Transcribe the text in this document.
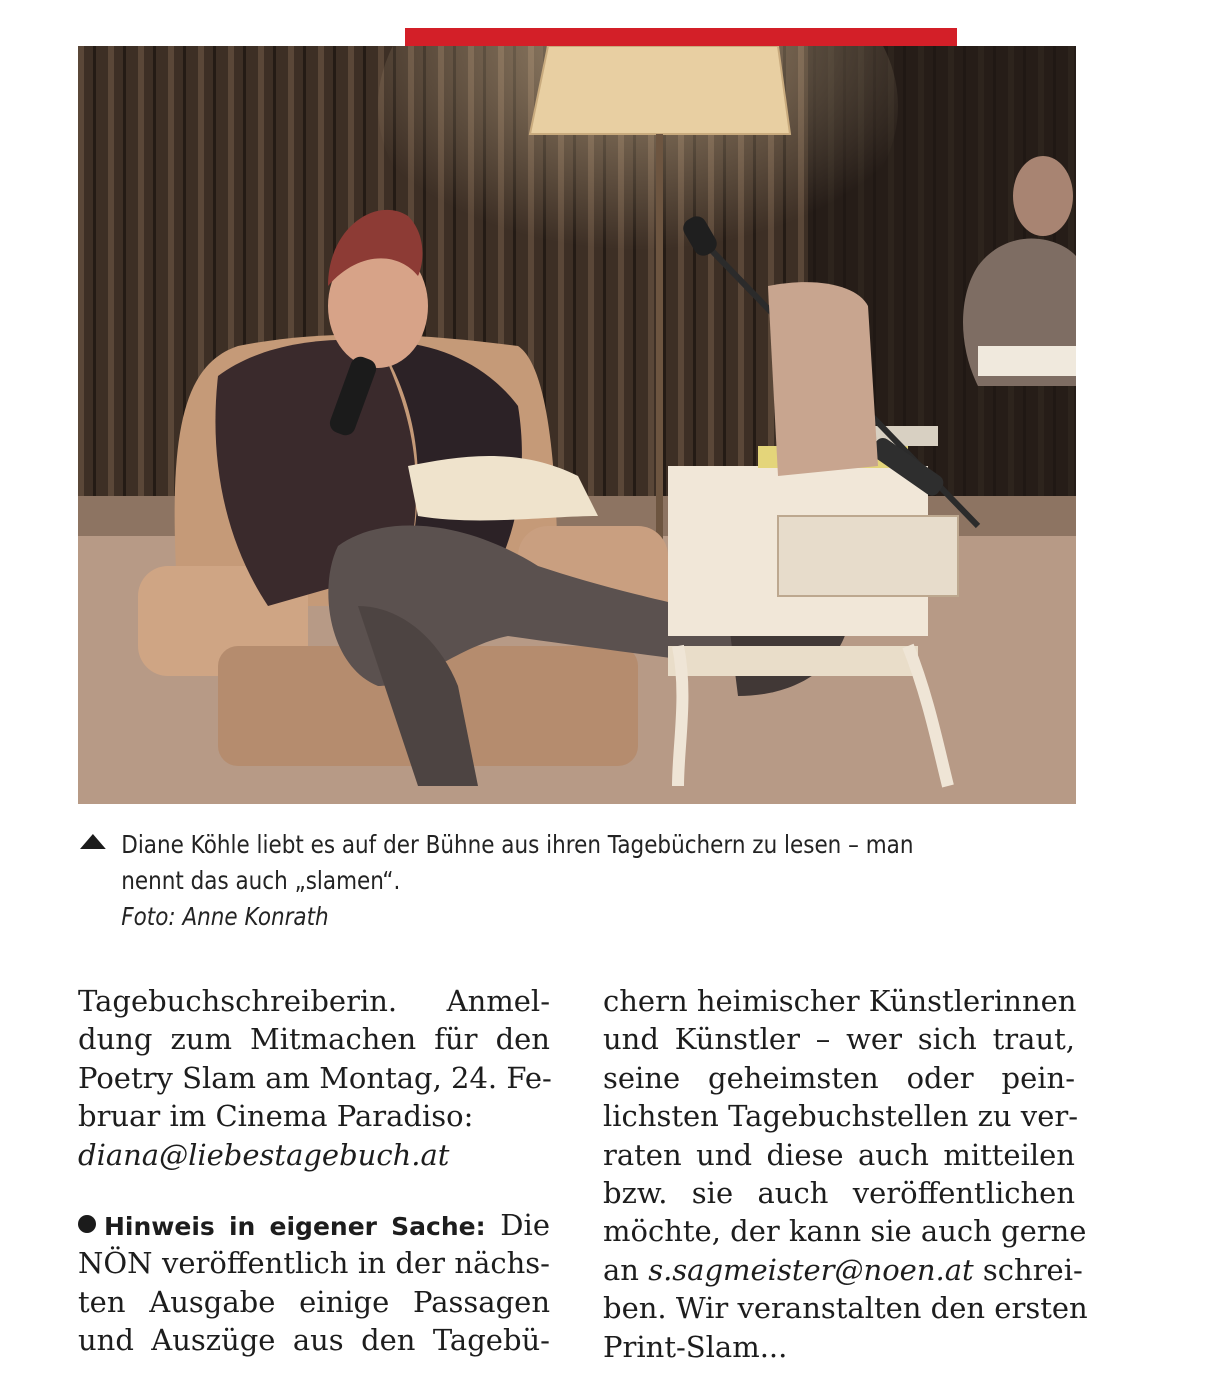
Diane Köhle liebt es auf der Bühne aus ihren Tagebüchern zu lesen – man
nennt das auch „slamen“.
Foto: Anne Konrath
Tagebuchschreiberin. Anmel-
dung zum Mitmachen für den
Poetry Slam am Montag, 24. Fe-
bruar im Cinema Paradiso:
diana@liebestagebuch.at
Hinweis in eigener Sache: Die
NÖN veröffentlich in der nächs-
ten Ausgabe einige Passagen
und Auszüge aus den Tagebü-
chern heimischer Künstlerinnen
und Künstler – wer sich traut,
seine geheimsten oder pein-
lichsten Tagebuchstellen zu ver-
raten und diese auch mitteilen
bzw. sie auch veröffentlichen
möchte, der kann sie auch gerne
an s.sagmeister@noen.at schrei-
ben. Wir veranstalten den ersten
Print-Slam...
